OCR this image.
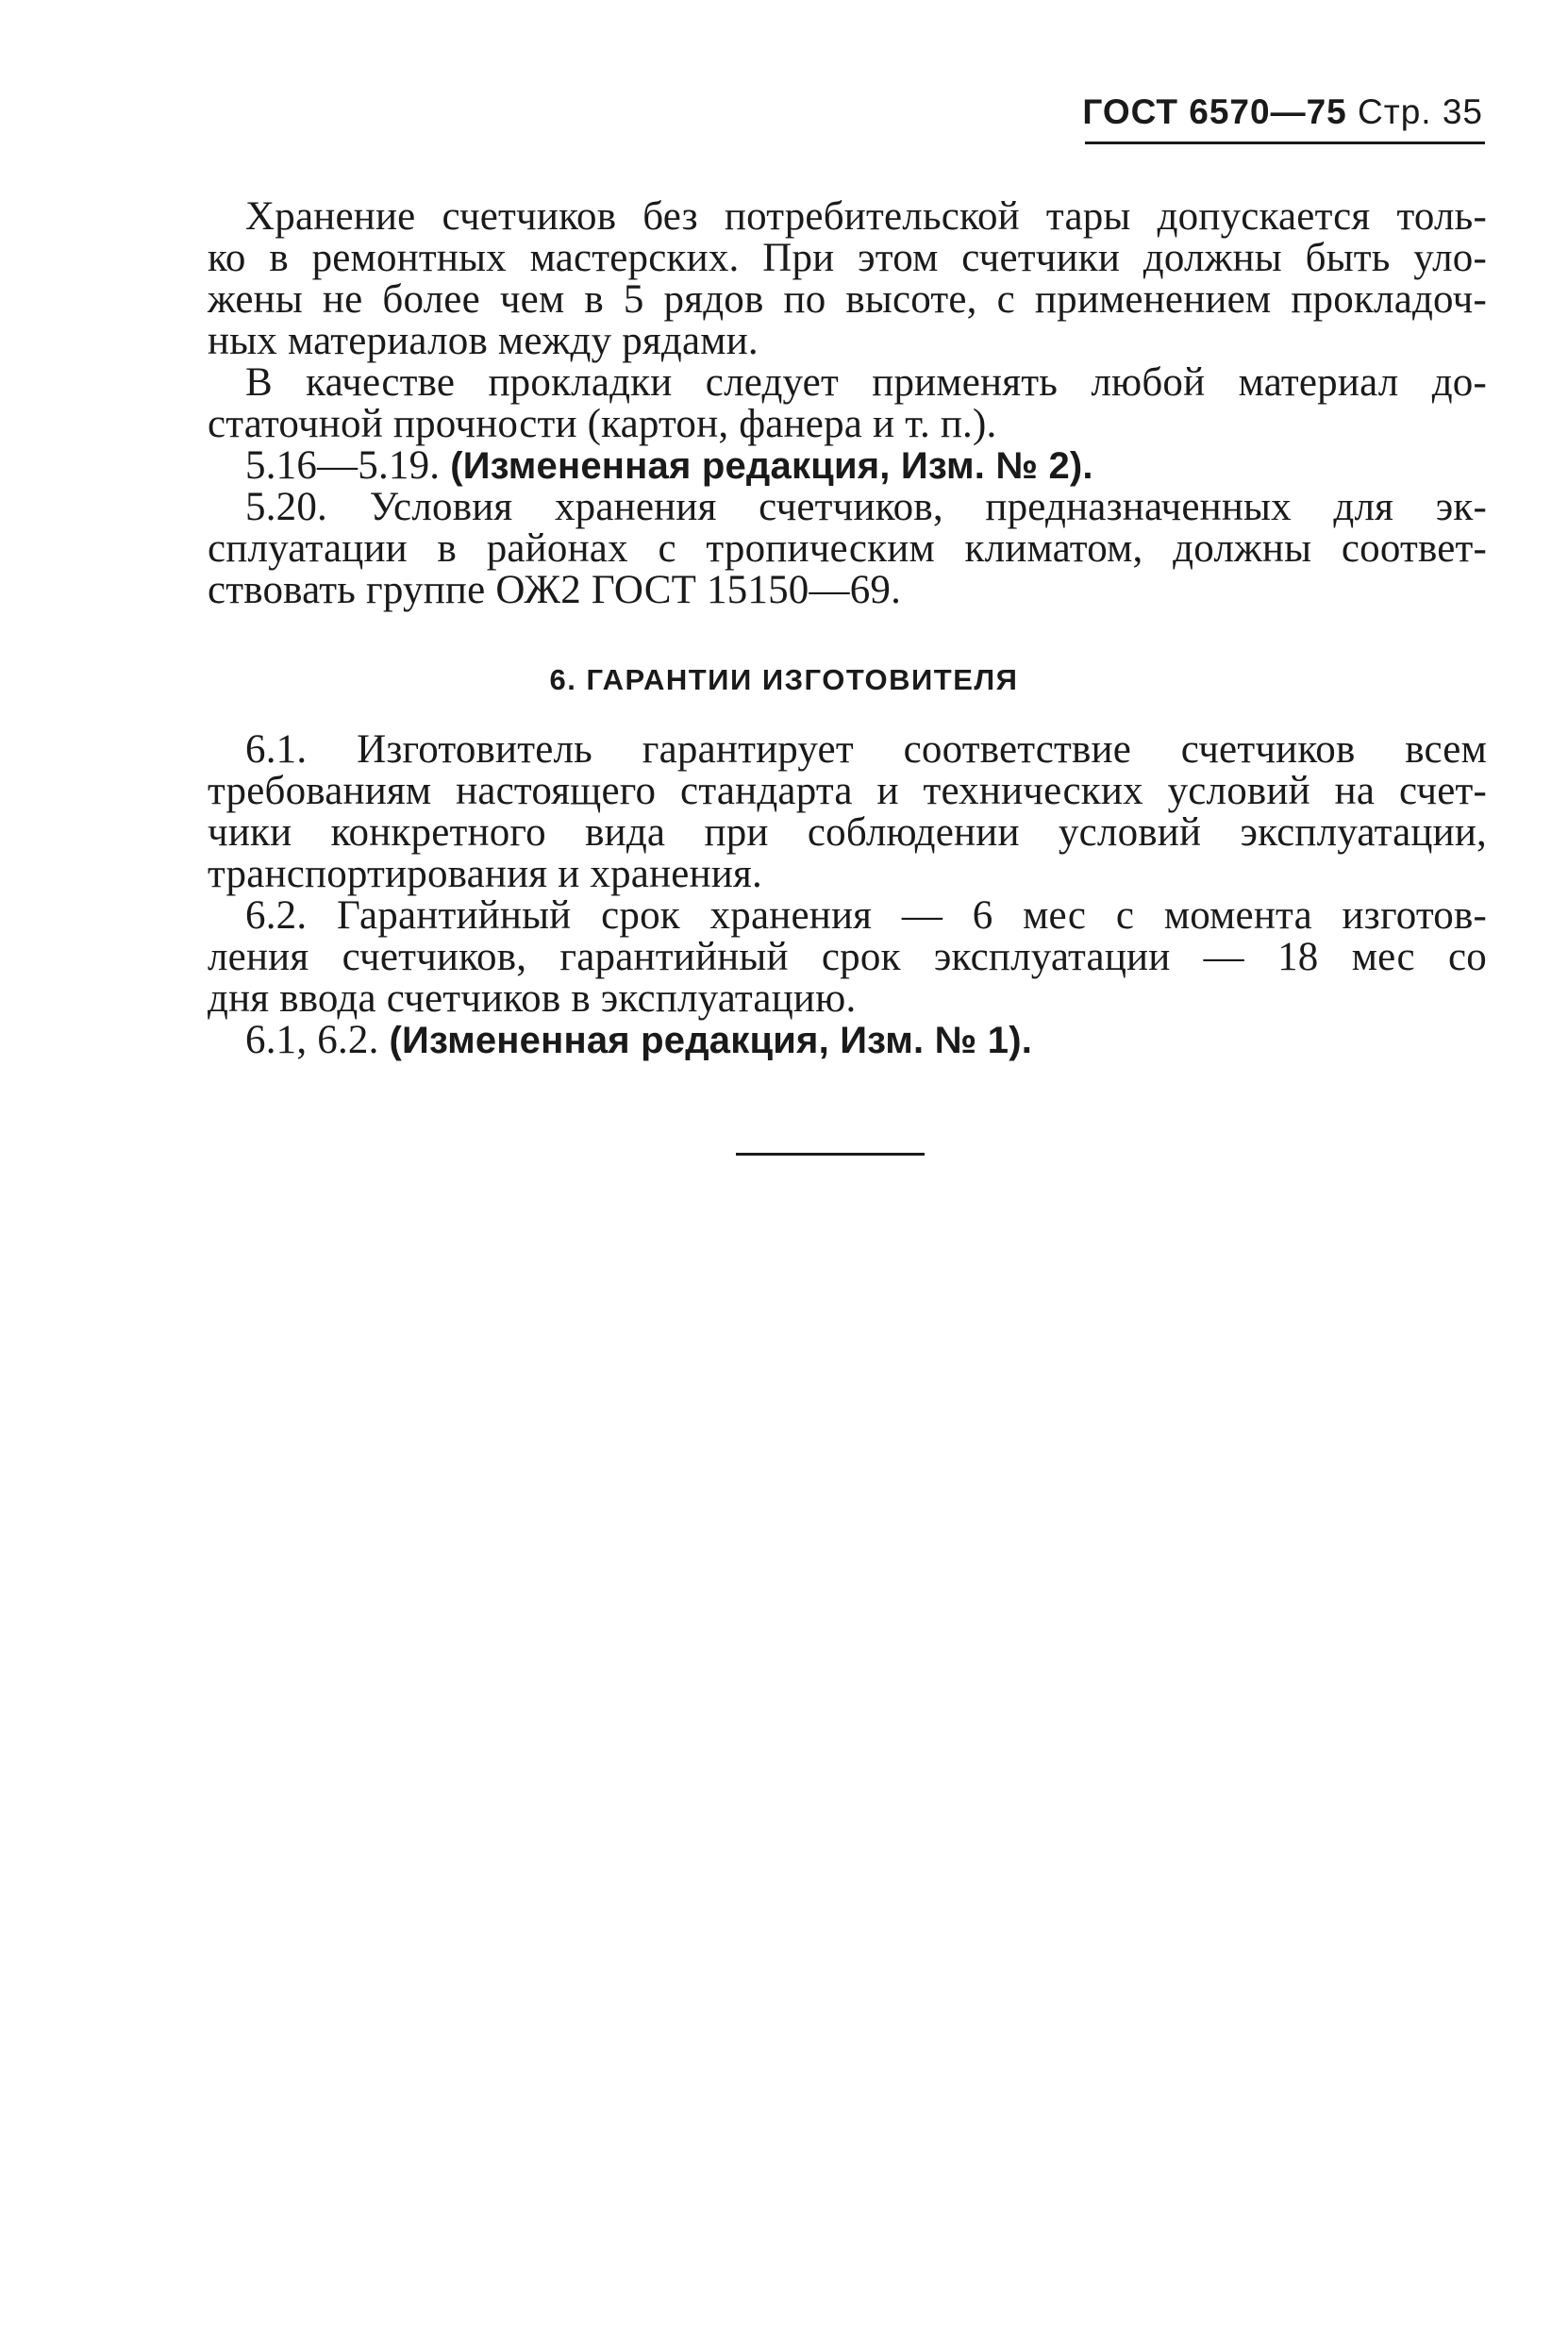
ГОСТ 6570—75 Стр. 35
Хранение счетчиков без потребительской тары допускается толь-
ко в ремонтных мастерских. При этом счетчики должны быть уло-
жены не более чем в 5 рядов по высоте, с применением прокладоч-
ных материалов между рядами.
В качестве прокладки следует применять любой материал до-
статочной прочности (картон, фанера и т. п.).
5.16—5.19. (Измененная редакция, Изм. № 2).
5.20. Условия хранения счетчиков, предназначенных для эк-
сплуатации в районах с тропическим климатом, должны соответ-
ствовать группе ОЖ2 ГОСТ 15150—69.
6. ГАРАНТИИ ИЗГОТОВИТЕЛЯ
6.1. Изготовитель гарантирует соответствие счетчиков всем
требованиям настоящего стандарта и технических условий на счет-
чики конкретного вида при соблюдении условий эксплуатации,
транспортирования и хранения.
6.2. Гарантийный срок хранения — 6 мес с момента изготов-
ления счетчиков, гарантийный срок эксплуатации — 18 мес со
дня ввода счетчиков в эксплуатацию.
6.1, 6.2. (Измененная редакция, Изм. № 1).
